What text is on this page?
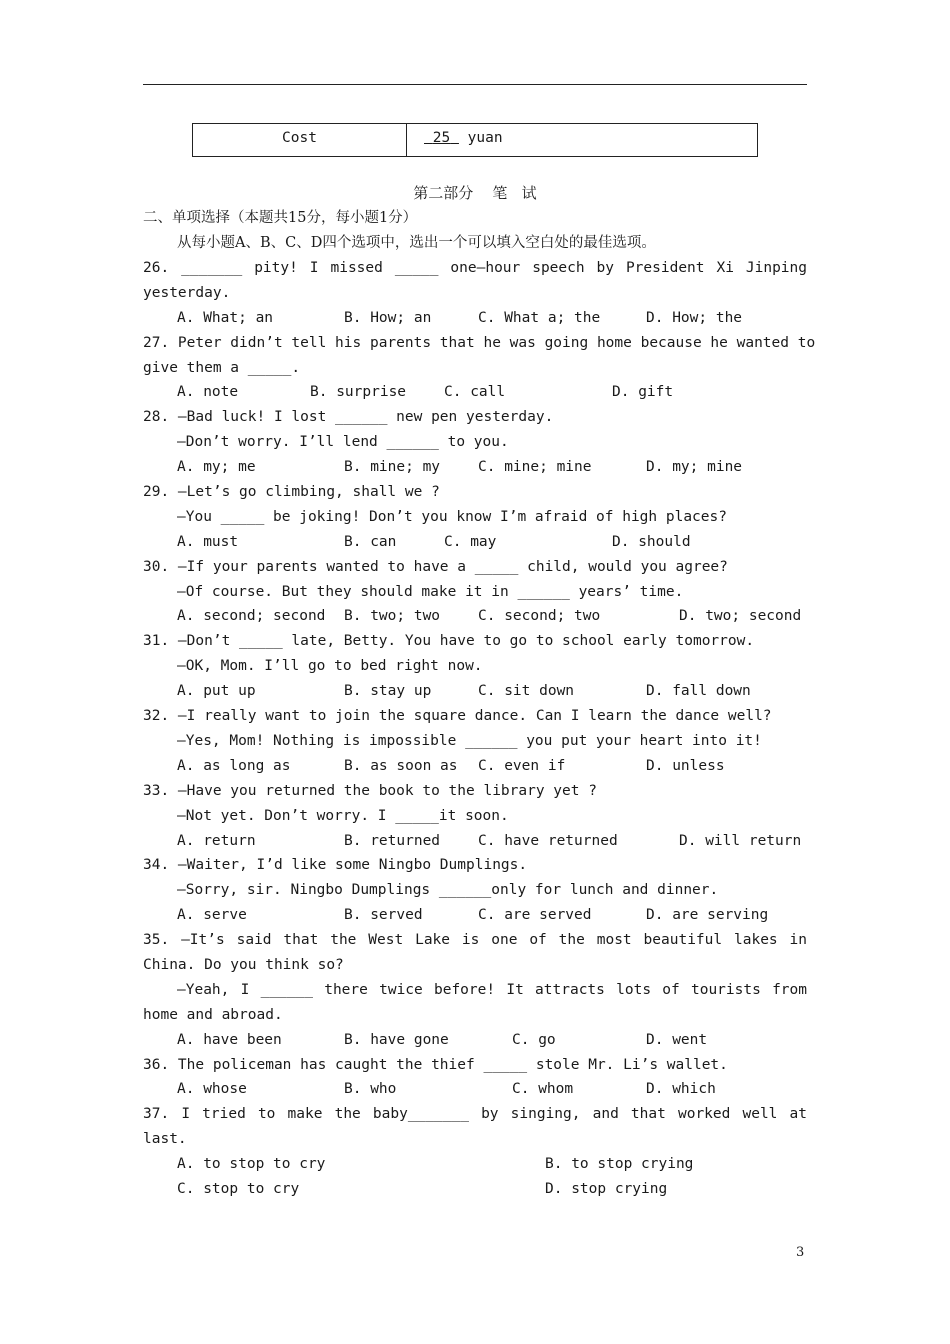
Cost	25 yuan
第二部分    笔   试
二、单项选择（本题共15分，每小题1分）
从每小题A、B、C、D四个选项中，选出一个可以填入空白处的最佳选项。
26. _______ pity! I missed _____ one—hour speech by President Xi Jinping
yesterday.
A. What; an	B. How; an	C. What a; the	D. How; the
27. Peter didn’t tell his parents that he was going home because he wanted to
give them a _____.
A. note	B. surprise	C. call	D. gift
28. —Bad luck! I lost ______ new pen yesterday.
—Don’t worry. I’ll lend ______ to you.
A. my; me	B. mine; my	C. mine; mine	D. my; mine
29. —Let’s go climbing, shall we ?
—You _____ be joking! Don’t you know I’m afraid of high places?
A. must	B. can	C. may	D. should
30. —If your parents wanted to have a _____ child, would you agree?
—Of course. But they should make it in ______ years’ time.
A. second; second B. two; two	C. second; two	D. two; second
31. —Don’t _____ late, Betty. You have to go to school early tomorrow.
—OK, Mom. I’ll go to bed right now.
A. put up	B. stay up	C. sit down	D. fall down
32. —I really want to join the square dance. Can I learn the dance well?
—Yes, Mom! Nothing is impossible ______ you put your heart into it!
A. as long as	B. as soon as C. even if	D. unless
33. —Have you returned the book to the library yet ?
—Not yet. Don’t worry. I _____it soon.
A. return	B. returned	C. have returned	D. will return
34. —Waiter, I’d like some Ningbo Dumplings.
—Sorry, sir. Ningbo Dumplings ______only for lunch and dinner.
A. serve	B. served	C. are served	D. are serving
35. —It’s said that the West Lake is one of the most beautiful lakes in
China. Do you think so?
—Yeah, I ______ there twice before! It attracts lots of tourists from
home and abroad.
A. have been	B. have gone	C. go	D. went
36. The policeman has caught the thief _____ stole Mr. Li’s wallet.
A. whose	B. who	C. whom	D. which
37. I tried to make the baby_______ by singing, and that worked well at
last.
A. to stop to cry	B. to stop crying
C. stop to cry	D. stop crying
3
